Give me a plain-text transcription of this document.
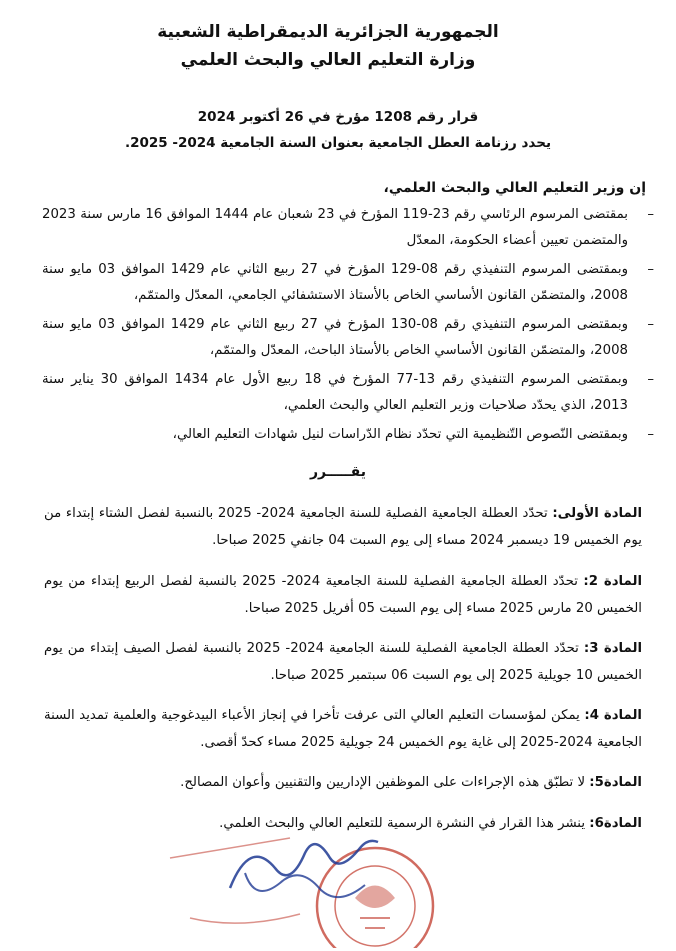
الجمهورية الجزائرية الديمقراطية الشعبية
وزارة التعليم العالي والبحث العلمي
قرار رقم 1208 مؤرخ في 26 أكتوبر 2024
يحدد رزنامة العطل الجامعية بعنوان السنة الجامعية 2024- 2025.
إن وزير التعليم العالي والبحث العلمي،
–
بمقتضى المرسوم الرئاسي رقم 23-119 المؤرخ في 23 شعبان عام 1444 الموافق 16 مارس سنة 2023 والمتضمن تعيين أعضاء الحكومة، المعدّل
–
وبمقتضى المرسوم التنفيذي رقم 08-129 المؤرخ في 27 ربيع الثاني عام 1429 الموافق 03 مايو سنة 2008، والمتضمّن القانون الأساسي الخاص بالأستاذ الاستشفائي الجامعي، المعدّل والمتمّم،
–
وبمقتضى المرسوم التنفيذي رقم 08-130 المؤرخ في 27 ربيع الثاني عام 1429 الموافق 03 مايو سنة 2008، والمتضمّن القانون الأساسي الخاص بالأستاذ الباحث، المعدّل والمتمّم،
–
وبمقتضى المرسوم التنفيذي رقم 13-77 المؤرخ في 18 ربيع الأول عام 1434 الموافق 30 يناير سنة 2013، الذي يحدّد صلاحيات وزير التعليم العالي والبحث العلمي،
–
وبمقتضى النّصوص التّنظيمية التي تحدّد نظام الدّراسات لنيل شهادات التعليم العالي،
يقـــــرر

المادة الأولى: تحدّد العطلة الجامعية الفصلية للسنة الجامعية 2024- 2025 بالنسبة لفصل الشتاء إبتداء من يوم الخميس 19 ديسمبر 2024 مساء إلى يوم السبت 04 جانفي 2025 صباحا.

المادة 2: تحدّد العطلة الجامعية الفصلية للسنة الجامعية 2024- 2025 بالنسبة لفصل الربيع إبتداء من يوم الخميس 20 مارس 2025 مساء إلى يوم السبت 05 أفريل 2025 صباحا.

المادة 3: تحدّد العطلة الجامعية الفصلية للسنة الجامعية 2024- 2025 بالنسبة لفصل الصيف إبتداء من يوم الخميس 10 جويلية 2025 إلى يوم السبت 06 سبتمبر 2025 صباحا.

المادة 4: يمكن لمؤسسات التعليم العالي التى عرفت تأخرا في إنجاز الأعباء البيدغوجية والعلمية تمديد السنة الجامعية 2024-2025 إلى غاية يوم الخميس 24 جويلية 2025 مساء كحدّ أقصى.

المادة5: لا تطبّق هذه الإجراءات على الموظفين الإداريين والتقنيين وأعوان المصالح.

المادة6: ينشر هذا القرار في النشرة الرسمية للتعليم العالي والبحث العلمي.
